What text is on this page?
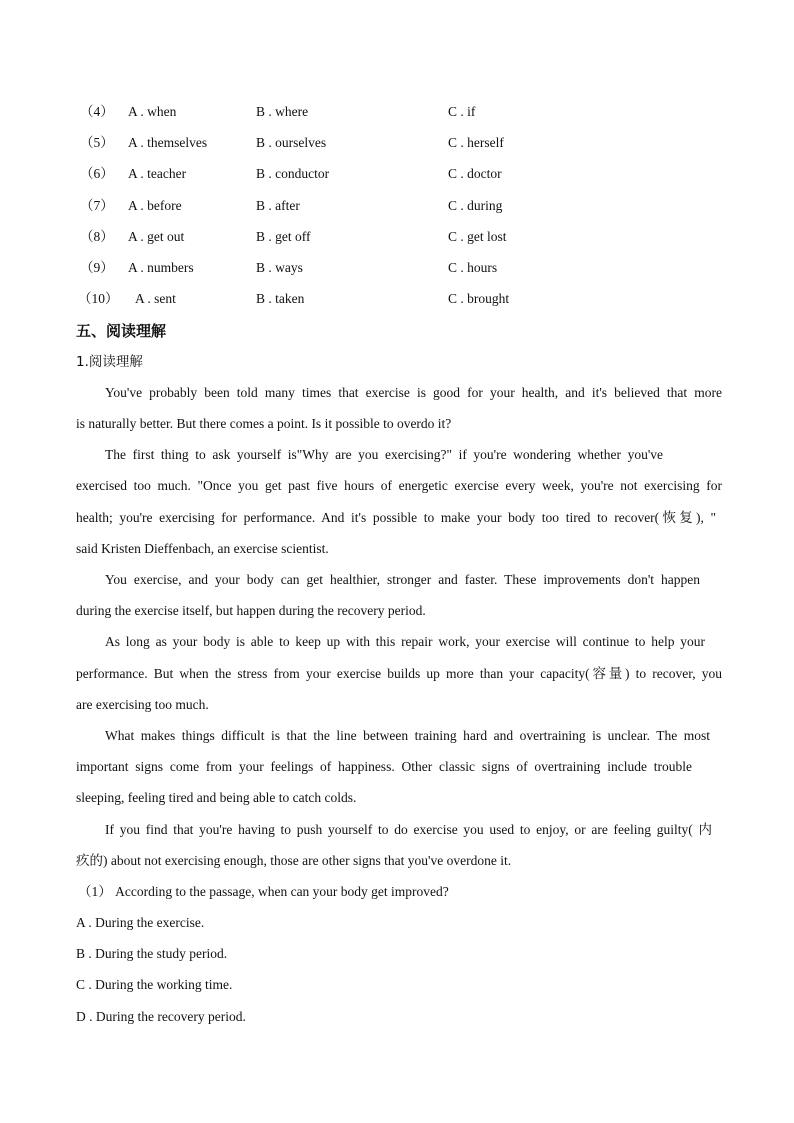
（4） A . when	B . where	C . if
（5） A . themselves	B . ourselves	C . herself
（6） A . teacher	B . conductor	C . doctor
（7） A . before	B . after	C . during
（8） A . get out	B . get off	C . get lost
（9） A . numbers	B . ways	C . hours
（10） A . sent	B . taken	C . brought
五、阅读理解
1.阅读理解
You've probably been told many times that exercise is good for your health, and it's believed that more
is naturally better. But there comes a point. Is it possible to overdo it?
The first thing to ask yourself is"Why are you exercising?" if you're wondering whether you've
exercised too much. "Once you get past five hours of energetic exercise every week, you're not exercising for
health; you're exercising for performance. And it's possible to make your body too tired to recover(恢复), "
said Kristen Dieffenbach, an exercise scientist.
You exercise, and your body can get healthier, stronger and faster. These improvements don't happen
during the exercise itself, but happen during the recovery period.
As long as your body is able to keep up with this repair work, your exercise will continue to help your
performance. But when the stress from your exercise builds up more than your capacity(容量) to recover, you
are exercising too much.
What makes things difficult is that the line between training hard and overtraining is unclear. The most
important signs come from your feelings of happiness. Other classic signs of overtraining include trouble
sleeping, feeling tired and being able to catch colds.
If you find that you're having to push yourself to do exercise you used to enjoy, or are feeling guilty( 内
疚的) about not exercising enough, those are other signs that you've overdone it.
（1） According to the passage, when can your body get improved?
A . During the exercise.
B . During the study period.
C . During the working time.
D . During the recovery period.
